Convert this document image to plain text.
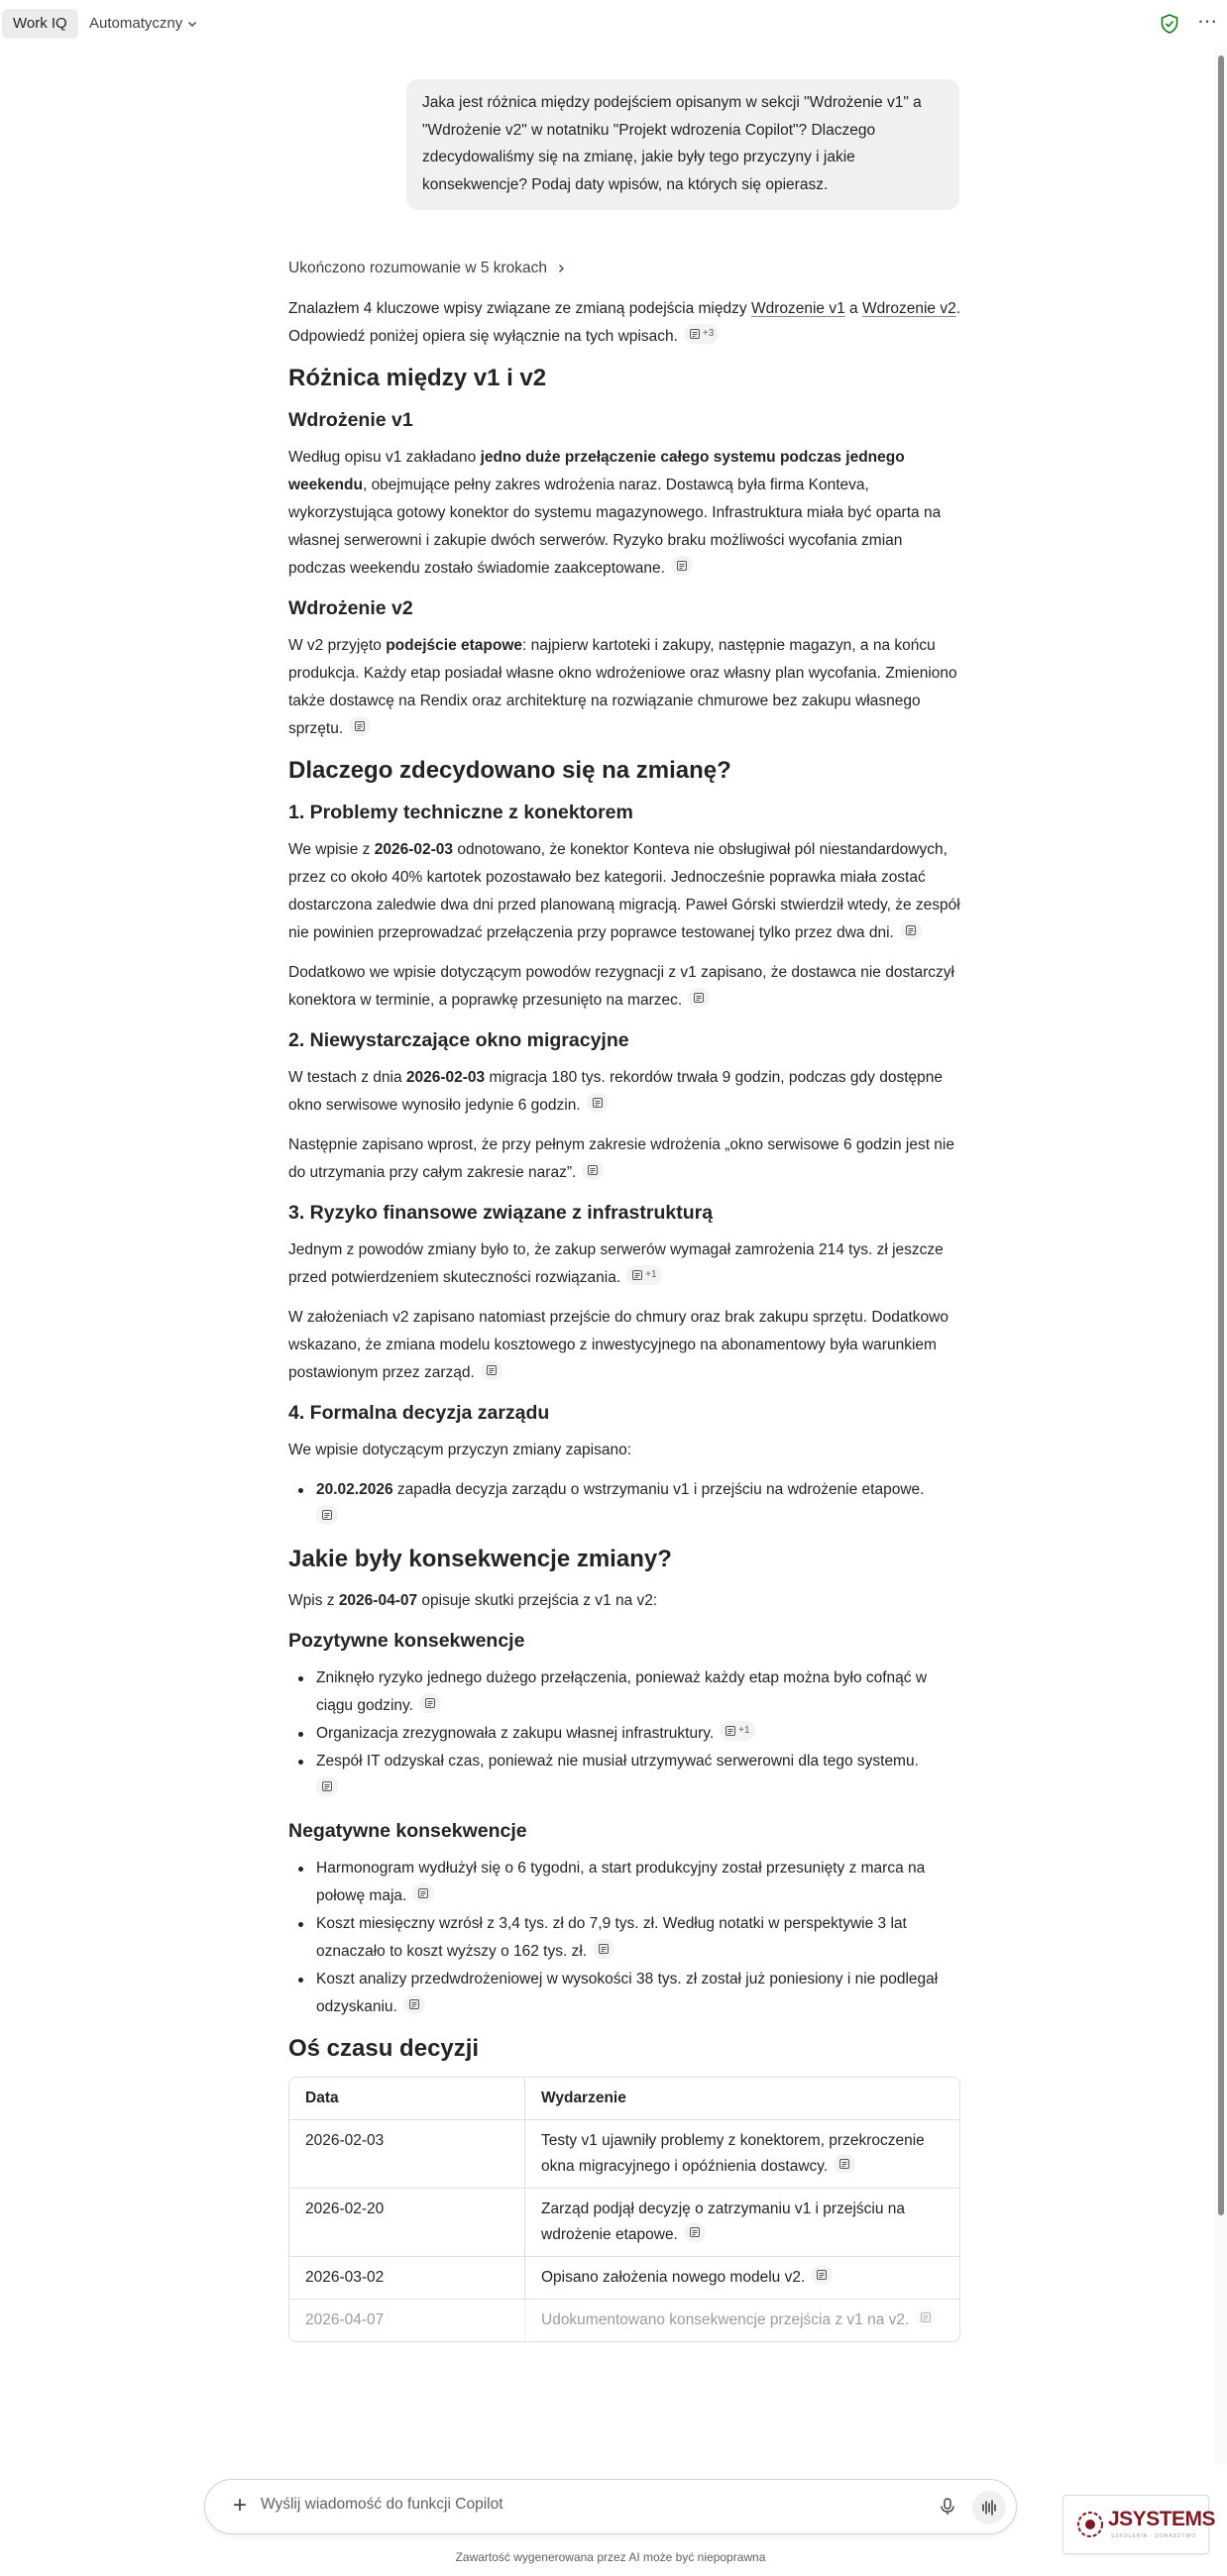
Work IQ	Automatyczny	⋯
Jaka jest różnica między podejściem opisanym w sekcji "Wdrożenie v1" a "Wdrożenie v2" w notatniku "Projekt wdrozenia Copilot"? Dlaczego zdecydowaliśmy się na zmianę, jakie były tego przyczyny i jakie konsekwencje? Podaj daty wpisów, na których się opierasz.
Ukończono rozumowanie w 5 krokach

Znalazłem 4 kluczowe wpisy związane ze zmianą podejścia między Wdrozenie v1 a Wdrozenie v2. Odpowiedź poniżej opiera się wyłącznie na tych wpisach.	+3

Różnica między v1 i v2
Wdrożenie v1

Według opisu v1 zakładano jedno duże przełączenie całego systemu podczas jednego weekendu, obejmujące pełny zakres wdrożenia naraz. Dostawcą była firma Konteva, wykorzystująca gotowy konektor do systemu magazynowego. Infrastruktura miała być oparta na własnej serwerowni i zakupie dwóch serwerów. Ryzyko braku możliwości wycofania zmian podczas weekendu zostało świadomie zaakceptowane.

Wdrożenie v2

W v2 przyjęto podejście etapowe: najpierw kartoteki i zakupy, następnie magazyn, a na końcu produkcja. Każdy etap posiadał własne okno wdrożeniowe oraz własny plan wycofania. Zmieniono także dostawcę na Rendix oraz architekturę na rozwiązanie chmurowe bez zakupu własnego sprzętu.

Dlaczego zdecydowano się na zmianę?
1. Problemy techniczne z konektorem

We wpisie z 2026-02-03 odnotowano, że konektor Konteva nie obsługiwał pól niestandardowych, przez co około 40% kartotek pozostawało bez kategorii. Jednocześnie poprawka miała zostać dostarczona zaledwie dwa dni przed planowaną migracją. Paweł Górski stwierdził wtedy, że zespół nie powinien przeprowadzać przełączenia przy poprawce testowanej tylko przez dwa dni.

Dodatkowo we wpisie dotyczącym powodów rezygnacji z v1 zapisano, że dostawca nie dostarczył konektora w terminie, a poprawkę przesunięto na marzec.

2. Niewystarczające okno migracyjne

W testach z dnia 2026-02-03 migracja 180 tys. rekordów trwała 9 godzin, podczas gdy dostępne okno serwisowe wynosiło jedynie 6 godzin.

Następnie zapisano wprost, że przy pełnym zakresie wdrożenia „okno serwisowe 6 godzin jest nie do utrzymania przy całym zakresie naraz”.

3. Ryzyko finansowe związane z infrastrukturą

Jednym z powodów zmiany było to, że zakup serwerów wymagał zamrożenia 214 tys. zł jeszcze przed potwierdzeniem skuteczności rozwiązania.	+1

W założeniach v2 zapisano natomiast przejście do chmury oraz brak zakupu sprzętu. Dodatkowo wskazano, że zmiana modelu kosztowego z inwestycyjnego na abonamentowy była warunkiem postawionym przez zarząd.

4. Formalna decyzja zarządu

We wpisie dotyczącym przyczyn zmiany zapisano:

20.02.2026 zapadła decyzja zarządu o wstrzymaniu v1 i przejściu na wdrożenie etapowe.

Jakie były konsekwencje zmiany?

Wpis z 2026-04-07 opisuje skutki przejścia z v1 na v2:

Pozytywne konsekwencje
Zniknęło ryzyko jednego dużego przełączenia, ponieważ każdy etap można było cofnąć w ciągu godziny.
Organizacja zrezygnowała z zakupu własnej infrastruktury.	+1
Zespół IT odzyskał czas, ponieważ nie musiał utrzymywać serwerowni dla tego systemu.

Negatywne konsekwencje
Harmonogram wydłużył się o 6 tygodni, a start produkcyjny został przesunięty z marca na połowę maja.
Koszt miesięczny wzrósł z 3,4 tys. zł do 7,9 tys. zł. Według notatki w perspektywie 3 lat oznaczało to koszt wyższy o 162 tys. zł.
Koszt analizy przedwdrożeniowej w wysokości 38 tys. zł został już poniesiony i nie podlegał odzyskaniu.
Oś czasu decyzji
Data	Wydarzenie
2026-02-03	Testy v1 ujawniły problemy z konektorem, przekroczenie okna migracyjnego i opóźnienia dostawcy.

2026-02-20	Zarząd podjął decyzję o zatrzymaniu v1 i przejściu na wdrożenie etapowe.

2026-03-02	Opisano założenia nowego modelu v2.

2026-04-07	Udokumentowano konsekwencje przejścia z v1 na v2.
+ Wyślij wiadomość do funkcji Copilot
Zawartość wygenerowana przez AI może być niepoprawna
JSYSTEMS
SZKOLENIA · DORADZTWO
